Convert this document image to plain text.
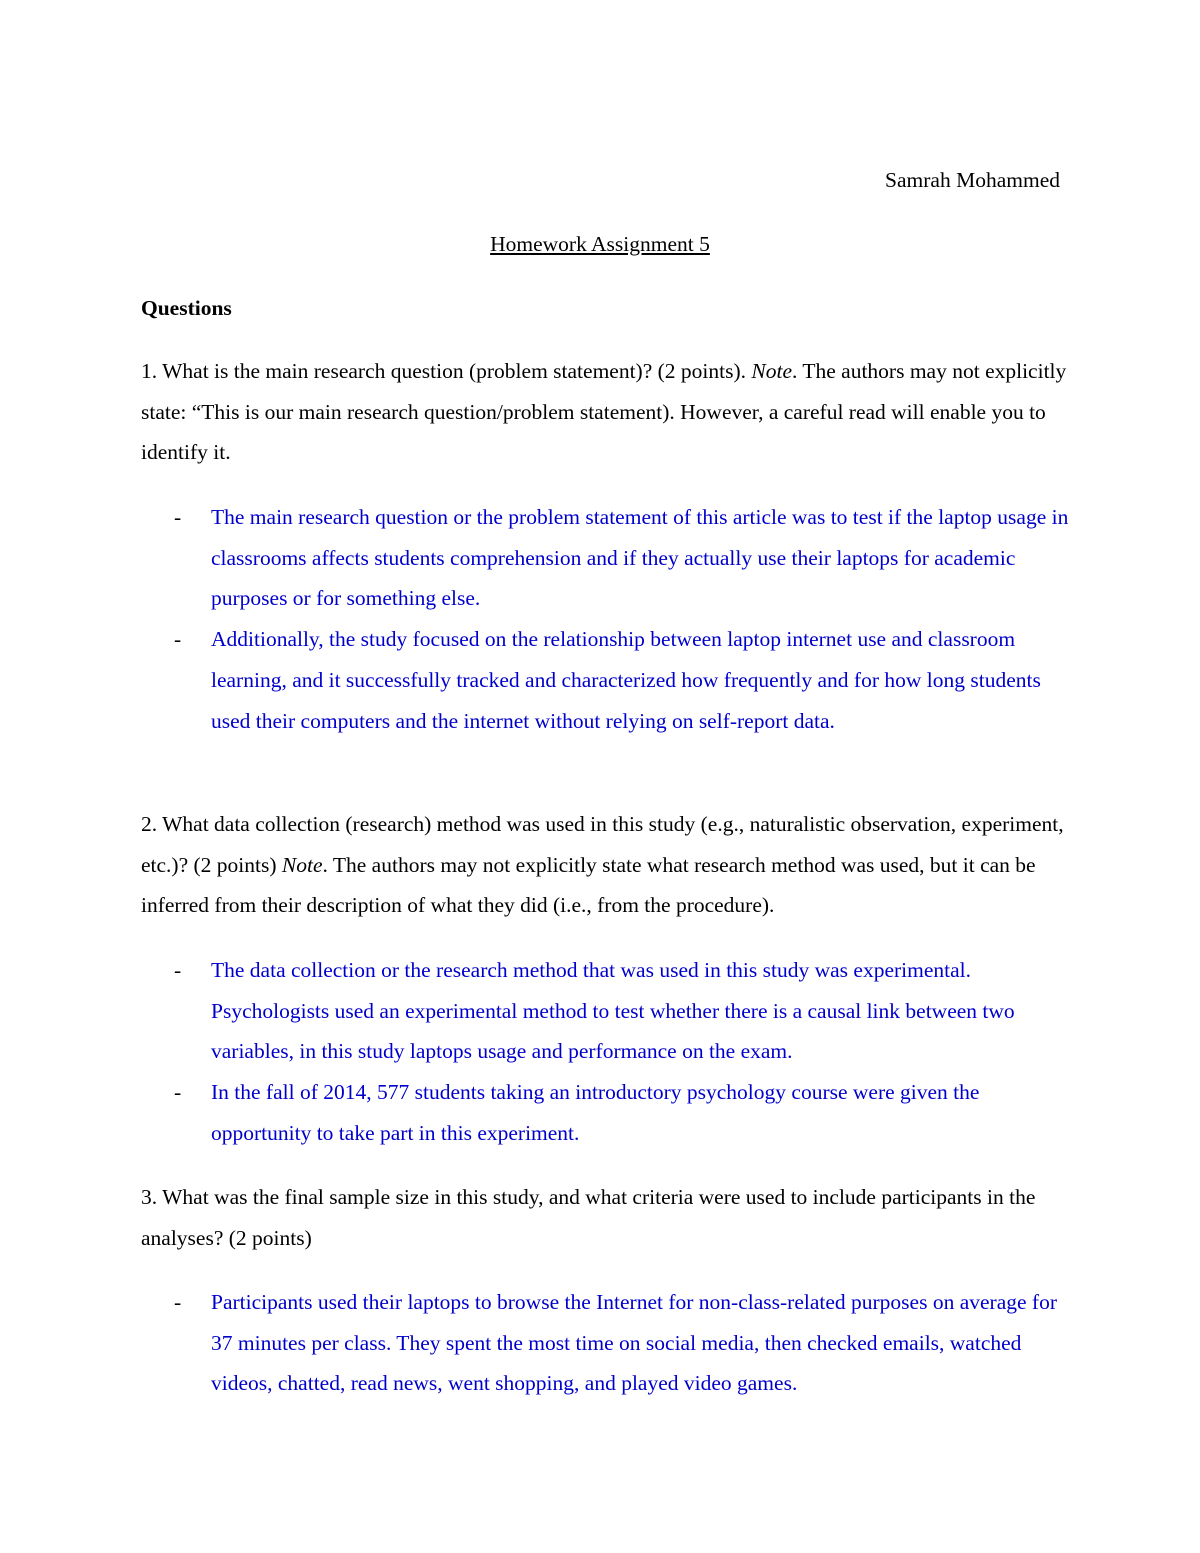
Samrah Mohammed
Homework Assignment 5
Questions
1. What is the main research question (problem statement)? (2 points). Note. The authors may not explicitly state: “This is our main research question/problem statement). However, a careful read will enable you to identify it.
- The main research question or the problem statement of this article was to test if the laptop usage in classrooms affects students comprehension and if they actually use their laptops for academic purposes or for something else.
- Additionally, the study focused on the relationship between laptop internet use and classroom learning, and it successfully tracked and characterized how frequently and for how long students used their computers and the internet without relying on self-report data.
2. What data collection (research) method was used in this study (e.g., naturalistic observation, experiment, etc.)? (2 points) Note. The authors may not explicitly state what research method was used, but it can be inferred from their description of what they did (i.e., from the procedure).
- The data collection or the research method that was used in this study was experimental. Psychologists used an experimental method to test whether there is a causal link between two variables, in this study laptops usage and performance on the exam.
- In the fall of 2014, 577 students taking an introductory psychology course were given the opportunity to take part in this experiment.
3. What was the final sample size in this study, and what criteria were used to include participants in the analyses? (2 points)
- Participants used their laptops to browse the Internet for non-class-related purposes on average for 37 minutes per class. They spent the most time on social media, then checked emails, watched videos, chatted, read news, went shopping, and played video games.
